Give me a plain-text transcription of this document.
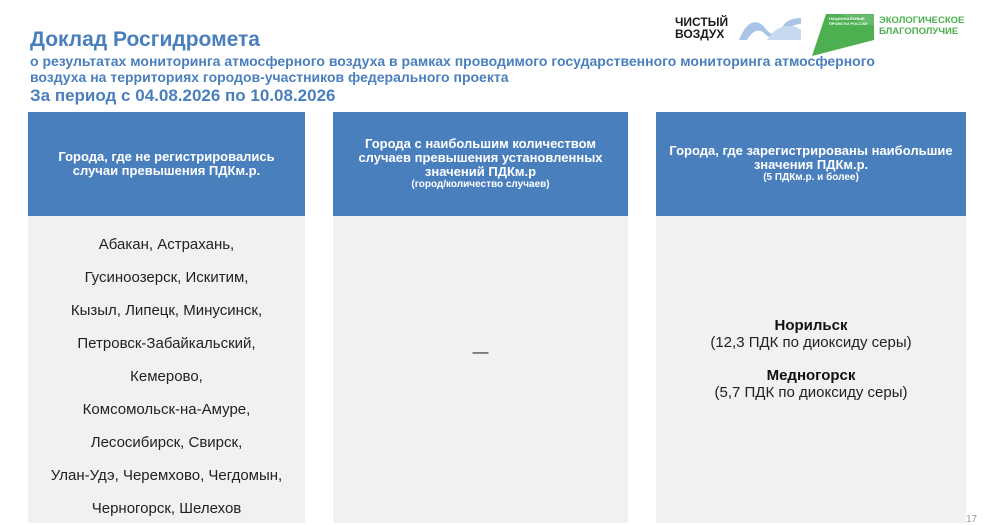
Доклад Росгидромета
о результатах мониторинга атмосферного воздуха в рамках проводимого государственного мониторинга атмосферного воздуха на территориях городов-участников федерального проекта
За период с 04.08.2026 по 10.08.2026
ЧИСТЫЙ
ВОЗДУХ
НАЦИОНАЛЬНЫЕ ПРОЕКТЫ РОССИИ ЭКОЛОГИЧЕСКОЕ
БЛАГОПОЛУЧИЕ
Города, где не регистрировались случаи превышения ПДКм.р.
Абакан, Астрахань,
Гусиноозерск, Искитим,
Кызыл, Липецк, Минусинск,
Петровск-Забайкальский,
Кемерово,
Комсомольск-на-Амуре,
Лесосибирск, Свирск,
Улан-Удэ, Черемхово, Чегдомын,
Черногорск, Шелехов
Города с наибольшим количеством случаев превышения установленных значений ПДКм.р
(город/количество случаев)
—
Города, где зарегистрированы наибольшие значения ПДКм.р.
(5 ПДКм.р. и более)
Норильск
(12,3 ПДК по диоксиду серы)
Медногорск
(5,7 ПДК по диоксиду серы)
17
